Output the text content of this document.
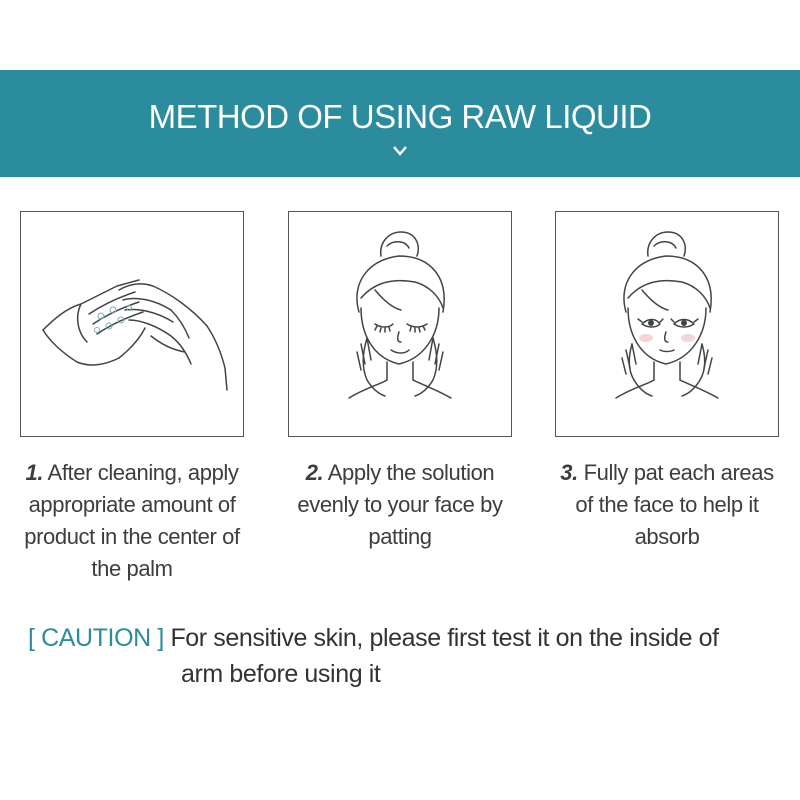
METHOD OF USING RAW LIQUID
1. After cleaning, apply appropriate amount of product in the center of the palm
2. Apply the solution evenly to your face by patting
3. Fully pat each areas of the face to help it absorb
[ CAUTION ] For sensitive skin, please first test it on the inside of
arm before using it
